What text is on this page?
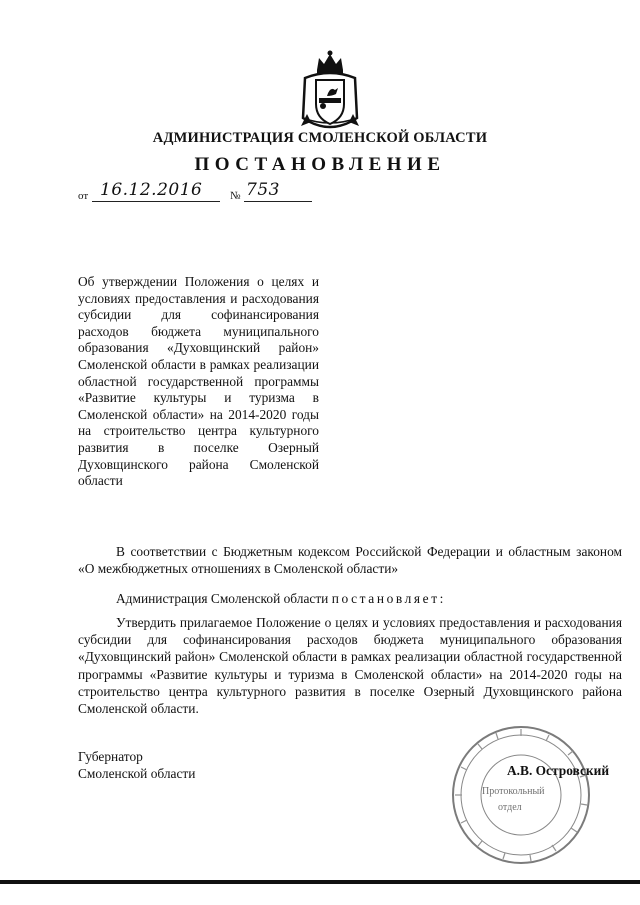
АДМИНИСТРАЦИЯ СМОЛЕНСКОЙ ОБЛАСТИ
ПОСТАНОВЛЕНИЕ
от 16.12.2016	№ 753
Об утверждении Положения о целях и условиях предоставления и расходования субсидии для софинансирования расходов бюджета муниципального образования «Духовщинский район» Смоленской области в рамках реализации областной государственной программы «Развитие культуры и туризма в Смоленской области» на 2014-2020 годы на строительство центра культурного развития в поселке Озерный Духовщинского района Смоленской области
В соответствии с Бюджетным кодексом Российской Федерации и областным законом «О межбюджетных отношениях в Смоленской области»
Администрация Смоленской области постановляет:
Утвердить прилагаемое Положение о целях и условиях предоставления и расходования субсидии для софинансирования расходов бюджета муниципального образования «Духовщинский район» Смоленской области в рамках реализации областной государственной программы «Развитие культуры и туризма в Смоленской области» на 2014-2020 годы на строительство центра культурного развития в поселке Озерный Духовщинского района Смоленской области.
Губернатор
Смоленской области
Протокольный
отдел
А.В. Островский
